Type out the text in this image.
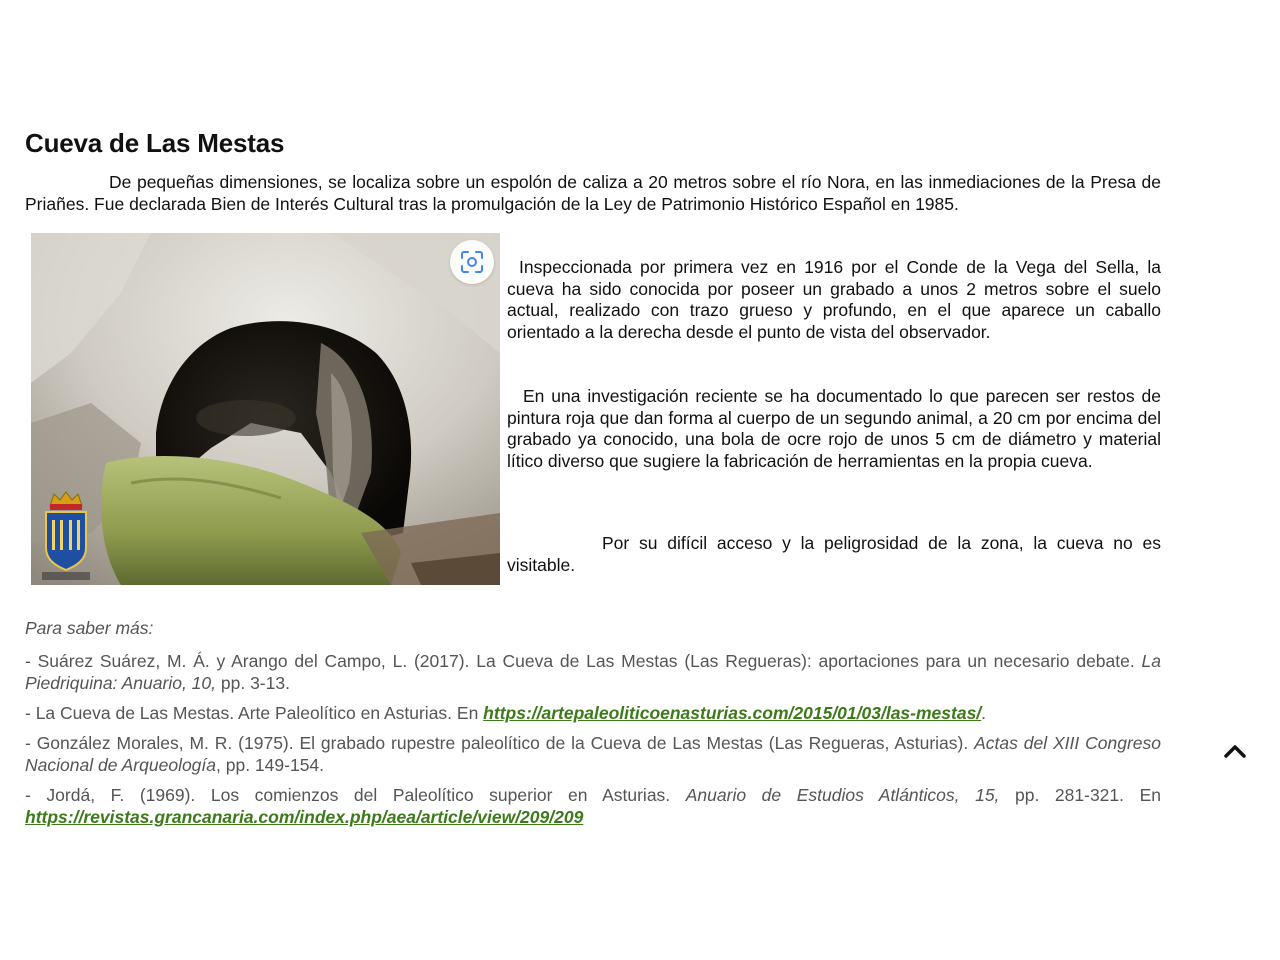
Cueva de Las Mestas

De pequeñas dimensiones, se localiza sobre un espolón de caliza a 20 metros sobre el río Nora, en las inmediaciones de la Presa de Priañes. Fue declarada Bien de Interés Cultural tras la promulgación de la Ley de Patrimonio Histórico Español en 1985.

Inspeccionada por primera vez en 1916 por el Conde de la Vega del Sella, la cueva ha sido conocida por poseer un grabado a unos 2 metros sobre el suelo actual, realizado con trazo grueso y profundo, en el que aparece un caballo orientado a la derecha desde el punto de vista del observador.

En una investigación reciente se ha documentado lo que parecen ser restos de pintura roja que dan forma al cuerpo de un segundo animal, a 20 cm por encima del grabado ya conocido, una bola de ocre rojo de unos 5 cm de diámetro y material lítico diverso que sugiere la fabricación de herramientas en la propia cueva.

Por su difícil acceso y la peligrosidad de la zona, la cueva no es visitable.

Para saber más:

- Suárez Suárez, M. Á. y Arango del Campo, L. (2017). La Cueva de Las Mestas (Las Regueras): aportaciones para un necesario debate. La Piedriquina: Anuario, 10, pp. 3-13.

- La Cueva de Las Mestas. Arte Paleolítico en Asturias. En https://artepaleoliticoenasturias.com/2015/01/03/las-mestas/.

- González Morales, M. R. (1975). El grabado rupestre paleolítico de la Cueva de Las Mestas (Las Regueras, Asturias). Actas del XIII Congreso Nacional de Arqueología, pp. 149-154.

- Jordá, F. (1969). Los comienzos del Paleolítico superior en Asturias. Anuario de Estudios Atlánticos, 15, pp. 281-321. En https://revistas.grancanaria.com/index.php/aea/article/view/209/209
